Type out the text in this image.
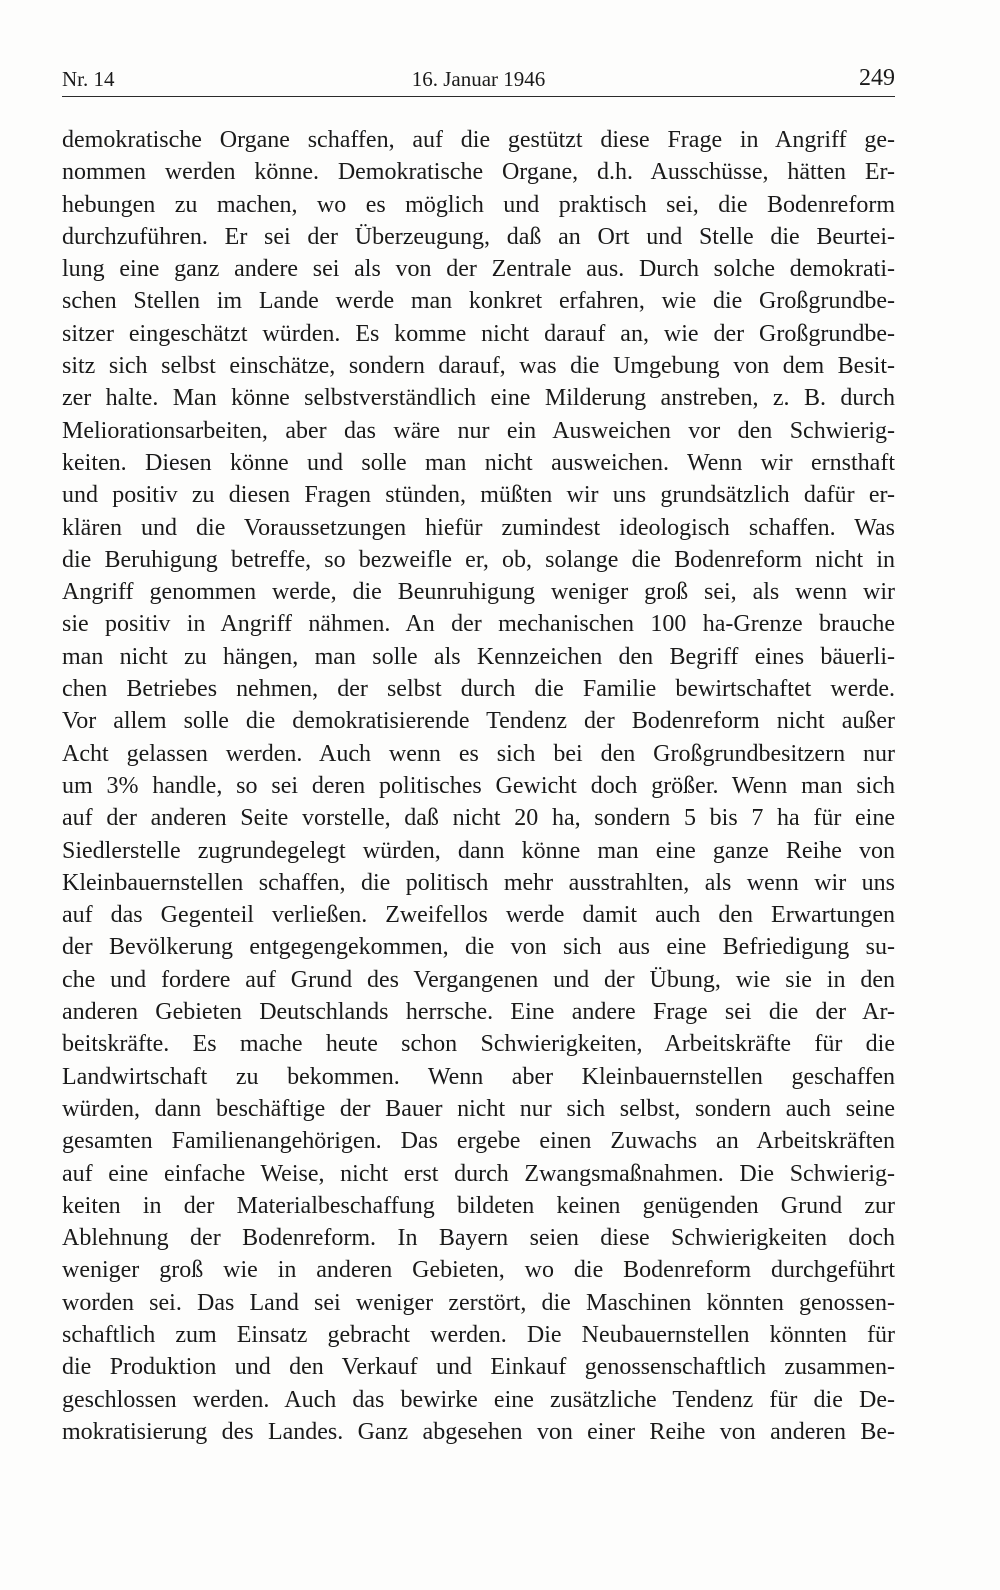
Nr. 14	16. Januar 1946	249
demokratische Organe schaffen, auf die gestützt diese Frage in Angriff ge-
nommen werden könne. Demokratische Organe, d.h. Ausschüsse, hätten Er-
hebungen zu machen, wo es möglich und praktisch sei, die Bodenreform
durchzuführen. Er sei der Überzeugung, daß an Ort und Stelle die Beurtei-
lung eine ganz andere sei als von der Zentrale aus. Durch solche demokrati-
schen Stellen im Lande werde man konkret erfahren, wie die Großgrundbe-
sitzer eingeschätzt würden. Es komme nicht darauf an, wie der Großgrundbe-
sitz sich selbst einschätze, sondern darauf, was die Umgebung von dem Besit-
zer halte. Man könne selbstverständlich eine Milderung anstreben, z. B. durch
Meliorationsarbeiten, aber das wäre nur ein Ausweichen vor den Schwierig-
keiten. Diesen könne und solle man nicht ausweichen. Wenn wir ernsthaft
und positiv zu diesen Fragen stünden, müßten wir uns grundsätzlich dafür er-
klären und die Voraussetzungen hiefür zumindest ideologisch schaffen. Was
die Beruhigung betreffe, so bezweifle er, ob, solange die Bodenreform nicht in
Angriff genommen werde, die Beunruhigung weniger groß sei, als wenn wir
sie positiv in Angriff nähmen. An der mechanischen 100 ha-Grenze brauche
man nicht zu hängen, man solle als Kennzeichen den Begriff eines bäuerli-
chen Betriebes nehmen, der selbst durch die Familie bewirtschaftet werde.
Vor allem solle die demokratisierende Tendenz der Bodenreform nicht außer
Acht gelassen werden. Auch wenn es sich bei den Großgrundbesitzern nur
um 3% handle, so sei deren politisches Gewicht doch größer. Wenn man sich
auf der anderen Seite vorstelle, daß nicht 20 ha, sondern 5 bis 7 ha für eine
Siedlerstelle zugrundegelegt würden, dann könne man eine ganze Reihe von
Kleinbauernstellen schaffen, die politisch mehr ausstrahlten, als wenn wir uns
auf das Gegenteil verließen. Zweifellos werde damit auch den Erwartungen
der Bevölkerung entgegengekommen, die von sich aus eine Befriedigung su-
che und fordere auf Grund des Vergangenen und der Übung, wie sie in den
anderen Gebieten Deutschlands herrsche. Eine andere Frage sei die der Ar-
beitskräfte. Es mache heute schon Schwierigkeiten, Arbeitskräfte für die
Landwirtschaft zu bekommen. Wenn aber Kleinbauernstellen geschaffen
würden, dann beschäftige der Bauer nicht nur sich selbst, sondern auch seine
gesamten Familienangehörigen. Das ergebe einen Zuwachs an Arbeitskräften
auf eine einfache Weise, nicht erst durch Zwangsmaßnahmen. Die Schwierig-
keiten in der Materialbeschaffung bildeten keinen genügenden Grund zur
Ablehnung der Bodenreform. In Bayern seien diese Schwierigkeiten doch
weniger groß wie in anderen Gebieten, wo die Bodenreform durchgeführt
worden sei. Das Land sei weniger zerstört, die Maschinen könnten genossen-
schaftlich zum Einsatz gebracht werden. Die Neubauernstellen könnten für
die Produktion und den Verkauf und Einkauf genossenschaftlich zusammen-
geschlossen werden. Auch das bewirke eine zusätzliche Tendenz für die De-
mokratisierung des Landes. Ganz abgesehen von einer Reihe von anderen Be-
